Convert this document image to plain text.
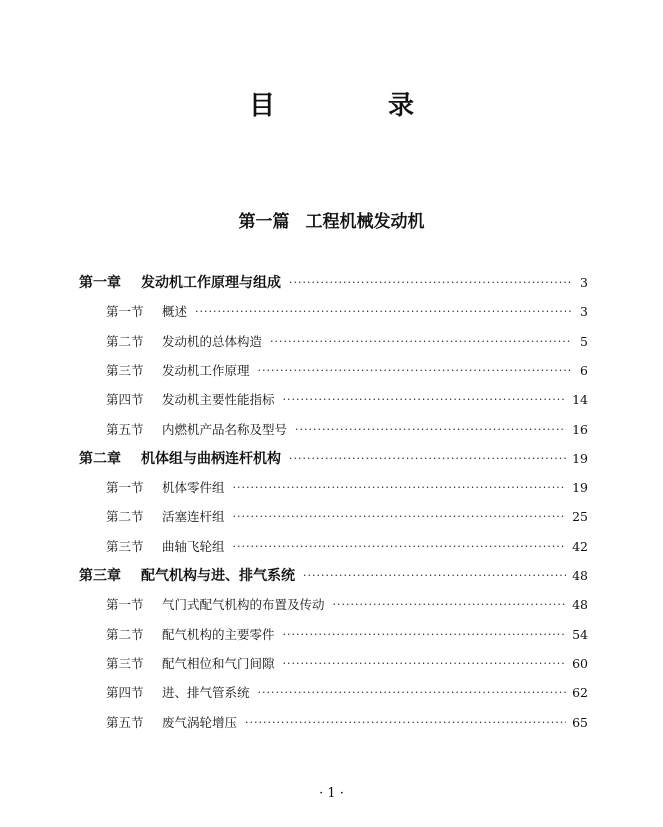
目 录
第一篇 工程机械发动机
第一章	发动机工作原理与组成 ·····	3
第一节	概述 ·····	3
第二节	发动机的总体构造 ·····	5
第三节	发动机工作原理 ·····	6
第四节	发动机主要性能指标 ·····	14
第五节	内燃机产品名称及型号 ·····	16
第二章	机体组与曲柄连杆机构 ·····	19
第一节	机体零件组 ·····	19
第二节	活塞连杆组 ·····	25
第三节	曲轴飞轮组 ·····	42
第三章	配气机构与进、排气系统 ·····	48
第一节	气门式配气机构的布置及传动 ·····	48
第二节	配气机构的主要零件 ·····	54
第三节	配气相位和气门间隙 ·····	60
第四节	进、排气管系统 ·····	62
第五节	废气涡轮增压 ·····	65
· 1 ·
